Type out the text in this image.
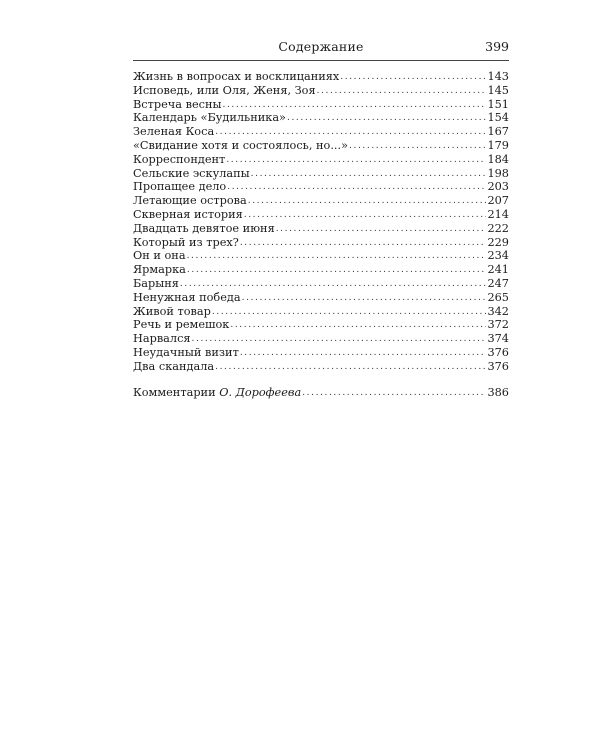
Содержание	399
Жизнь в вопросах и восклицаниях .....	143
Исповедь, или Оля, Женя, Зоя .....	145
Встреча весны .....	151
Календарь «Будильника» .....	154
Зеленая Коса .....	167
«Свидание хотя и состоялось, но...» .....	179
Корреспондент .....	184
Сельские эскулапы .....	198
Пропащее дело .....	203
Летающие острова .....	207
Скверная история .....	214
Двадцать девятое июня .....	222
Который из трех? .....	229
Он и она .....	234
Ярмарка .....	241
Барыня .....	247
Ненужная победа .....	265
Живой товар .....	342
Речь и ремешок .....	372
Нарвался .....	374
Неудачный визит .....	376
Два скандала .....	376
Комментарии О. Дорофеева .....	386
